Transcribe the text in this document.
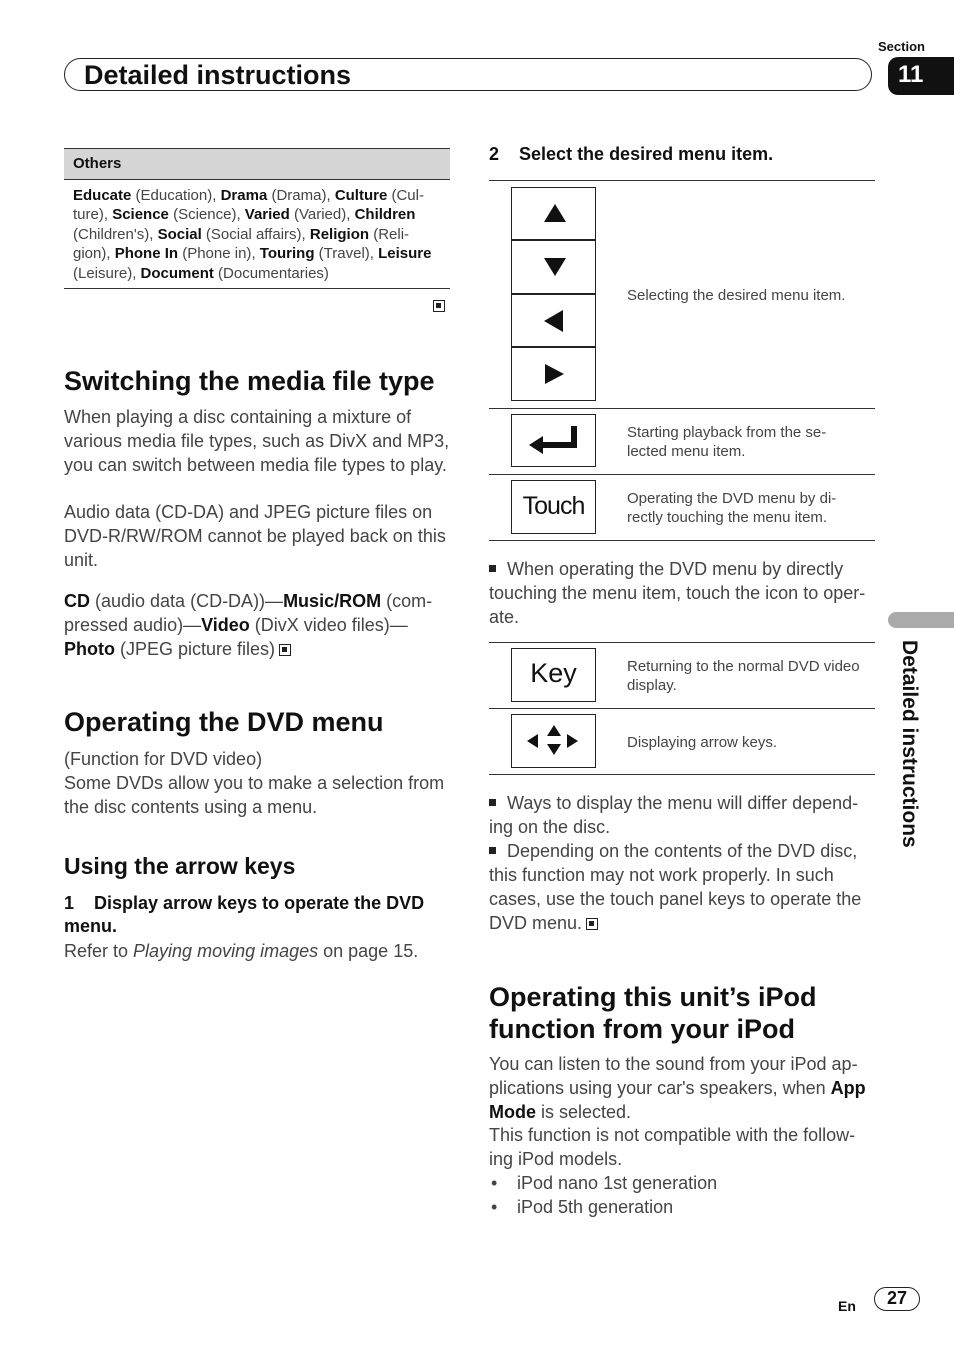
Section
Detailed instructions	11
Detailed instructions
Others
Educate (Education), Drama (Drama), Culture (Cul-ture), Science (Science), Varied (Varied), Children (Children's), Social (Social affairs), Religion (Reli-gion), Phone In (Phone in), Touring (Travel), Leisure (Leisure), Document (Documentaries)
Switching the media file type
When playing a disc containing a mixture of various media file types, such as DivX and MP3, you can switch between media file types to play.
Audio data (CD-DA) and JPEG picture files on DVD-R/RW/ROM cannot be played back on this unit.
CD (audio data (CD-DA))—Music/ROM (com-pressed audio)—Video (DivX video files)—Photo (JPEG picture files)
Operating the DVD menu
(Function for DVD video)
Some DVDs allow you to make a selection from the disc contents using a menu.
Using the arrow keys
1 Display arrow keys to operate the DVD menu.
Refer to Playing moving images on page 15.
2 Select the desired menu item.
Selecting the desired menu item.
Starting playback from the se-lected menu item.
Touch	Operating the DVD menu by di-rectly touching the menu item.
When operating the DVD menu by directly touching the menu item, touch the icon to oper-ate.
Key	Returning to the normal DVD video display.
Displaying arrow keys.
Ways to display the menu will differ depend-ing on the disc.
Depending on the contents of the DVD disc, this function may not work properly. In such cases, use the touch panel keys to operate the DVD menu.
Operating this unit’s iPod function from your iPod
You can listen to the sound from your iPod ap-plications using your car's speakers, when App Mode is selected.
This function is not compatible with the follow-ing iPod models.
• iPod nano 1st generation
• iPod 5th generation
En	27
